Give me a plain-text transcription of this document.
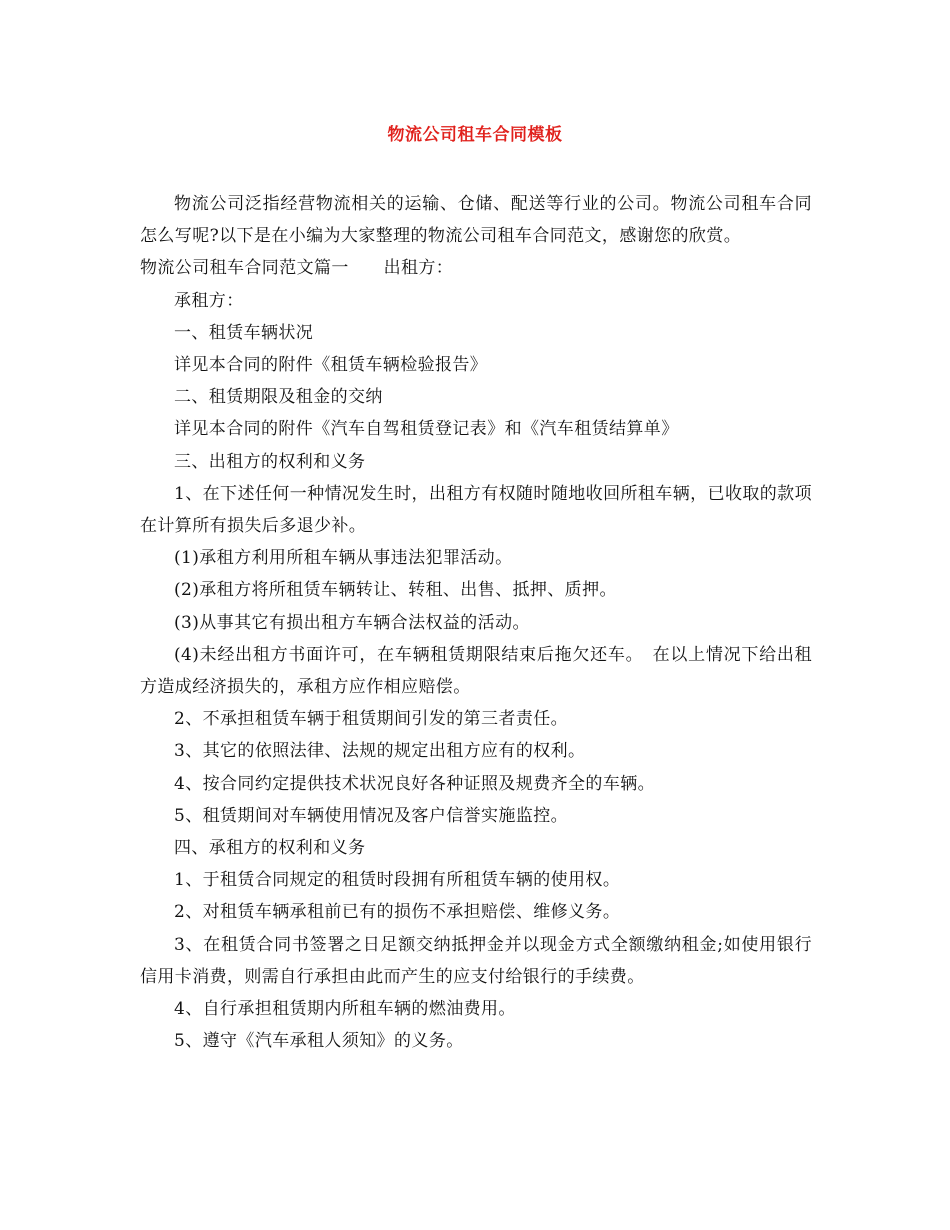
物流公司租车合同模板

物流公司泛指经营物流相关的运输、仓储、配送等行业的公司。物流公司租车合同怎么写呢?以下是在小编为大家整理的物流公司租车合同范文，感谢您的欣赏。

物流公司租车合同范文篇一　　出租方：

承租方：

一、租赁车辆状况

详见本合同的附件《租赁车辆检验报告》

二、租赁期限及租金的交纳

详见本合同的附件《汽车自驾租赁登记表》和《汽车租赁结算单》

三、出租方的权利和义务

1、在下述任何一种情况发生时，出租方有权随时随地收回所租车辆，已收取的款项在计算所有损失后多退少补。

(1)承租方利用所租车辆从事违法犯罪活动。

(2)承租方将所租赁车辆转让、转租、出售、抵押、质押。

(3)从事其它有损出租方车辆合法权益的活动。

(4)未经出租方书面许可，在车辆租赁期限结束后拖欠还车。　在以上情况下给出租方造成经济损失的，承租方应作相应赔偿。

2、不承担租赁车辆于租赁期间引发的第三者责任。

3、其它的依照法律、法规的规定出租方应有的权利。

4、按合同约定提供技术状况良好各种证照及规费齐全的车辆。

5、租赁期间对车辆使用情况及客户信誉实施监控。

四、承租方的权利和义务

1、于租赁合同规定的租赁时段拥有所租赁车辆的使用权。

2、对租赁车辆承租前已有的损伤不承担赔偿、维修义务。

3、在租赁合同书签署之日足额交纳抵押金并以现金方式全额缴纳租金;如使用银行信用卡消费，则需自行承担由此而产生的应支付给银行的手续费。

4、自行承担租赁期内所租车辆的燃油费用。

5、遵守《汽车承租人须知》的义务。
